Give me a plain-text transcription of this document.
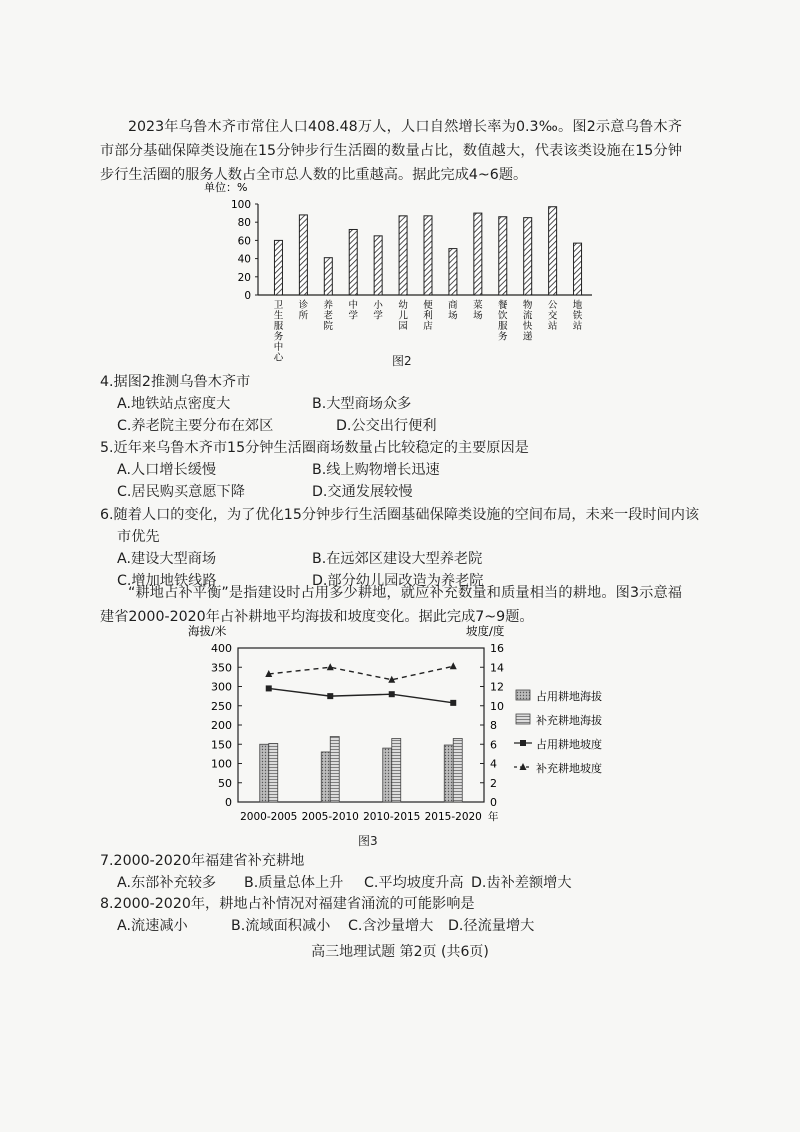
2023年乌鲁木齐市常住人口408.48万人，人口自然增长率为0.3‰。图2示意乌鲁木齐市部分基础保障类设施在15分钟步行生活圈的数量占比，数值越大，代表该类设施在15分钟步行生活圈的服务人数占全市总人数的比重越高。据此完成4~6题。
单位：%
0
20
40
60
80
100
卫生服务中心
诊所
养老院
中学
小学
幼儿园
便利店
商场
菜场
餐饮服务
物流快递
公交站
地铁站
图2
4.据图2推测乌鲁木齐市
A.地铁站点密度大	B.大型商场众多
C.养老院主要分布在郊区	D.公交出行便利
5.近年来乌鲁木齐市15分钟生活圈商场数量占比较稳定的主要原因是
A.人口增长缓慢	B.线上购物增长迅速
C.居民购买意愿下降	D.交通发展较慢
6.随着人口的变化，为了优化15分钟步行生活圈基础保障类设施的空间布局，未来一段时间内该
市优先
A.建设大型商场	B.在远郊区建设大型养老院
C.增加地铁线路	D.部分幼儿园改造为养老院
“耕地占补平衡”是指建设时占用多少耕地，就应补充数量和质量相当的耕地。图3示意福建省2000-2020年占补耕地平均海拔和坡度变化。据此完成7~9题。
海拔/米	坡度/度
0
50
100
150
200
250
300
350
400
0
2
4
6
8
10
12
14
16
2000-2005 2005-2010 2010-2015 2015-2020 年
占用耕地海拔
补充耕地海拔
占用耕地坡度
补充耕地坡度
图3
7.2000-2020年福建省补充耕地
A.东部补充较多 B.质量总体上升 C.平均坡度升高 D.齿补差额增大
8.2000-2020年，耕地占补情况对福建省涌流的可能影响是
A.流速减小	B.流域面积减小 C.含沙量增大 D.径流量增大
高三地理试题 第2页 (共6页)
